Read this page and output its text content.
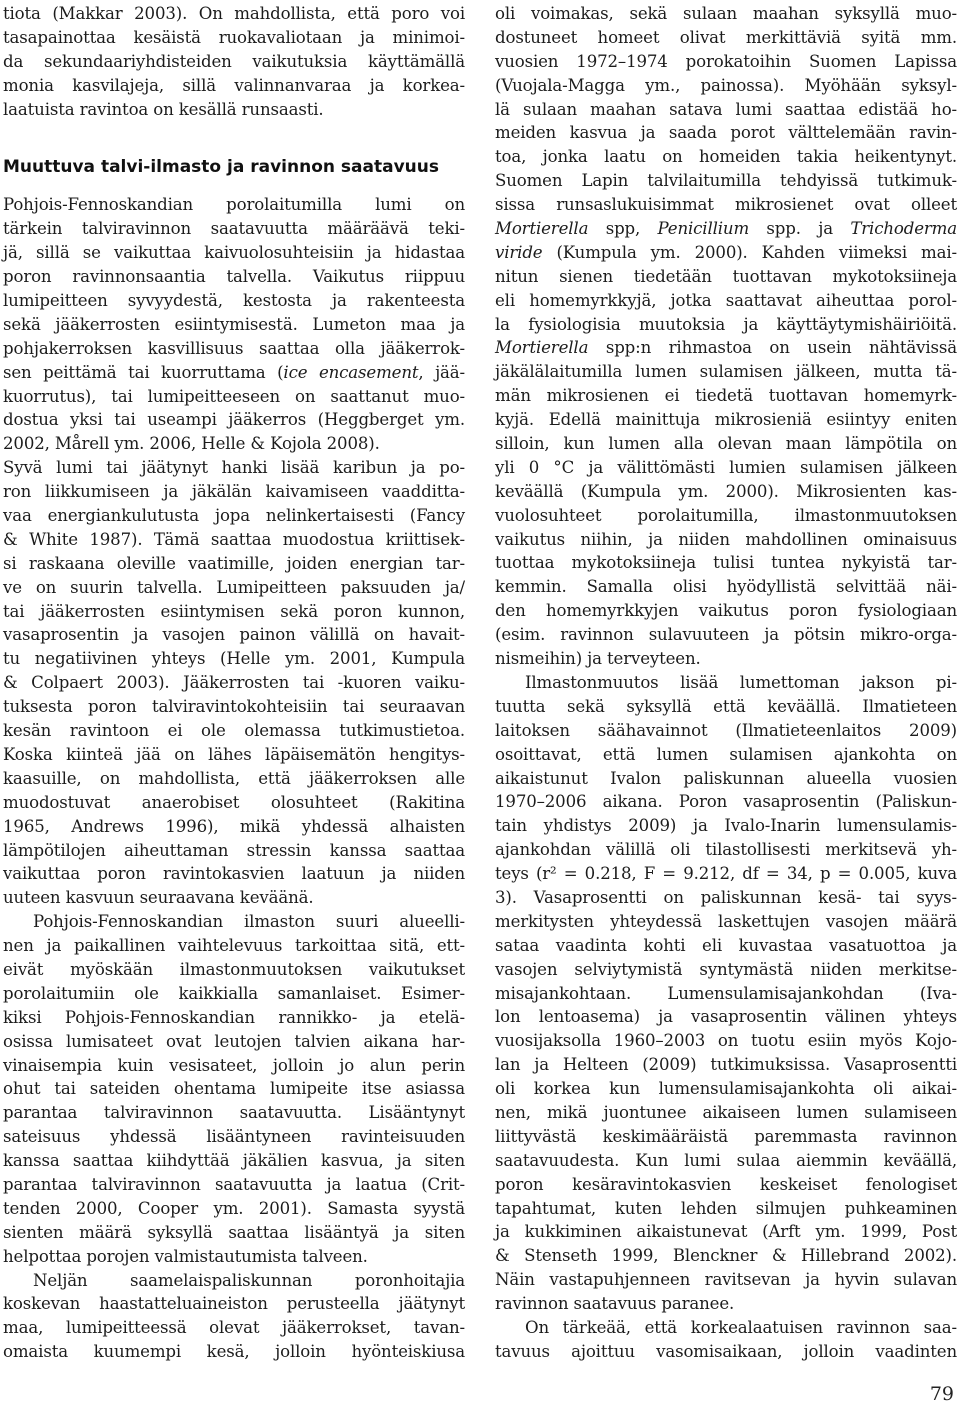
tiota (Makkar 2003). On mahdollista, että poro voi
tasapainottaa kesäistä ruokavaliotaan ja minimoi-
da sekundaariyhdisteiden vaikutuksia käyttämällä
monia kasvilajeja, sillä valinnanvaraa ja korkea-
laatuista ravintoa on kesällä runsaasti.
Muuttuva talvi-ilmasto ja ravinnon saatavuus
Pohjois-Fennoskandian porolaitumilla lumi on
tärkein talviravinnon saatavuutta määräävä teki-
jä, sillä se vaikuttaa kaivuolosuhteisiin ja hidastaa
poron ravinnonsaantia talvella. Vaikutus riippuu
lumipeitteen syvyydestä, kestosta ja rakenteesta
sekä jääkerrosten esiintymisestä. Lumeton maa ja
pohjakerroksen kasvillisuus saattaa olla jääkerrok-
sen peittämä tai kuorruttama (ice encasement, jää-
kuorrutus), tai lumipeitteeseen on saattanut muo-
dostua yksi tai useampi jääkerros (Heggberget ym.
2002, Mårell ym. 2006, Helle & Kojola 2008).
Syvä lumi tai jäätynyt hanki lisää karibun ja po-
ron liikkumiseen ja jäkälän kaivamiseen vaadditta-
vaa energiankulutusta jopa nelinkertaisesti (Fancy
& White 1987). Tämä saattaa muodostua kriittisek-
si raskaana oleville vaatimille, joiden energian tar-
ve on suurin talvella. Lumipeitteen paksuuden ja/
tai jääkerrosten esiintymisen sekä poron kunnon,
vasaprosentin ja vasojen painon välillä on havait-
tu negatiivinen yhteys (Helle ym. 2001, Kumpula
& Colpaert 2003). Jääkerrosten tai -kuoren vaiku-
tuksesta poron talviravintokohteisiin tai seuraavan
kesän ravintoon ei ole olemassa tutkimustietoa.
Koska kiinteä jää on lähes läpäisemätön hengitys-
kaasuille, on mahdollista, että jääkerroksen alle
muodostuvat anaerobiset olosuhteet (Rakitina
1965, Andrews 1996), mikä yhdessä alhaisten
lämpötilojen aiheuttaman stressin kanssa saattaa
vaikuttaa poron ravintokasvien laatuun ja niiden
uuteen kasvuun seuraavana keväänä.
Pohjois-Fennoskandian ilmaston suuri alueelli-
nen ja paikallinen vaihtelevuus tarkoittaa sitä, ett-
eivät myöskään ilmastonmuutoksen vaikutukset
porolaitumiin ole kaikkialla samanlaiset. Esimer-
kiksi Pohjois-Fennoskandian rannikko- ja etelä-
osissa lumisateet ovat leutojen talvien aikana har-
vinaisempia kuin vesisateet, jolloin jo alun perin
ohut tai sateiden ohentama lumipeite itse asiassa
parantaa talviravinnon saatavuutta. Lisääntynyt
sateisuus yhdessä lisääntyneen ravinteisuuden
kanssa saattaa kiihdyttää jäkälien kasvua, ja siten
parantaa talviravinnon saatavuutta ja laatua (Crit-
tenden 2000, Cooper ym. 2001). Samasta syystä
sienten määrä syksyllä saattaa lisääntyä ja siten
helpottaa porojen valmistautumista talveen.
Neljän saamelaispaliskunnan poronhoitajia
koskevan haastatteluaineiston perusteella jäätynyt
maa, lumipeitteessä olevat jääkerrokset, tavan-
omaista kuumempi kesä, jolloin hyönteiskiusa
oli voimakas, sekä sulaan maahan syksyllä muo-
dostuneet homeet olivat merkittäviä syitä mm.
vuosien 1972–1974 porokatoihin Suomen Lapissa
(Vuojala-Magga ym., painossa). Myöhään syksyl-
lä sulaan maahan satava lumi saattaa edistää ho-
meiden kasvua ja saada porot välttelemään ravin-
toa, jonka laatu on homeiden takia heikentynyt.
Suomen Lapin talvilaitumilla tehdyissä tutkimuk-
sissa runsaslukuisimmat mikrosienet ovat olleet
Mortierella spp, Penicillium spp. ja Trichoderma
viride (Kumpula ym. 2000). Kahden viimeksi mai-
nitun sienen tiedetään tuottavan mykotoksiineja
eli homemyrkkyjä, jotka saattavat aiheuttaa porol-
la fysiologisia muutoksia ja käyttäytymishäiriöitä.
Mortierella spp:n rihmastoa on usein nähtävissä
jäkälälaitumilla lumen sulamisen jälkeen, mutta tä-
män mikrosienen ei tiedetä tuottavan homemyrk-
kyjä. Edellä mainittuja mikrosieniä esiintyy eniten
silloin, kun lumen alla olevan maan lämpötila on
yli 0 °C ja välittömästi lumien sulamisen jälkeen
keväällä (Kumpula ym. 2000). Mikrosienten kas-
vuolosuhteet porolaitumilla, ilmastonmuutoksen
vaikutus niihin, ja niiden mahdollinen ominaisuus
tuottaa mykotoksiineja tulisi tuntea nykyistä tar-
kemmin. Samalla olisi hyödyllistä selvittää näi-
den homemyrkkyjen vaikutus poron fysiologiaan
(esim. ravinnon sulavuuteen ja pötsin mikro-orga-
nismeihin) ja terveyteen.
Ilmastonmuutos lisää lumettoman jakson pi-
tuutta sekä syksyllä että keväällä. Ilmatieteen
laitoksen säähavainnot (Ilmatieteenlaitos 2009)
osoittavat, että lumen sulamisen ajankohta on
aikaistunut Ivalon paliskunnan alueella vuosien
1970–2006 aikana. Poron vasaprosentin (Paliskun-
tain yhdistys 2009) ja Ivalo-Inarin lumensulamis-
ajankohdan välillä oli tilastollisesti merkitsevä yh-
teys (r² = 0.218, F = 9.212, df = 34, p = 0.005, kuva
3). Vasaprosentti on paliskunnan kesä- tai syys-
merkitysten yhteydessä laskettujen vasojen määrä
sataa vaadinta kohti eli kuvastaa vasatuottoa ja
vasojen selviytymistä syntymästä niiden merkitse-
misajankohtaan. Lumensulamisajankohdan (Iva-
lon lentoasema) ja vasaprosentin välinen yhteys
vuosijaksolla 1960–2003 on tuotu esiin myös Kojo-
lan ja Helteen (2009) tutkimuksissa. Vasaprosentti
oli korkea kun lumensulamisajankohta oli aikai-
nen, mikä juontunee aikaiseen lumen sulamiseen
liittyvästä keskimääräistä paremmasta ravinnon
saatavuudesta. Kun lumi sulaa aiemmin keväällä,
poron kesäravintokasvien keskeiset fenologiset
tapahtumat, kuten lehden silmujen puhkeaminen
ja kukkiminen aikaistunevat (Arft ym. 1999, Post
& Stenseth 1999, Blenckner & Hillebrand 2002).
Näin vastapuhjenneen ravitsevan ja hyvin sulavan
ravinnon saatavuus paranee.
On tärkeää, että korkealaatuisen ravinnon saa-
tavuus ajoittuu vasomisaikaan, jolloin vaadinten
79
